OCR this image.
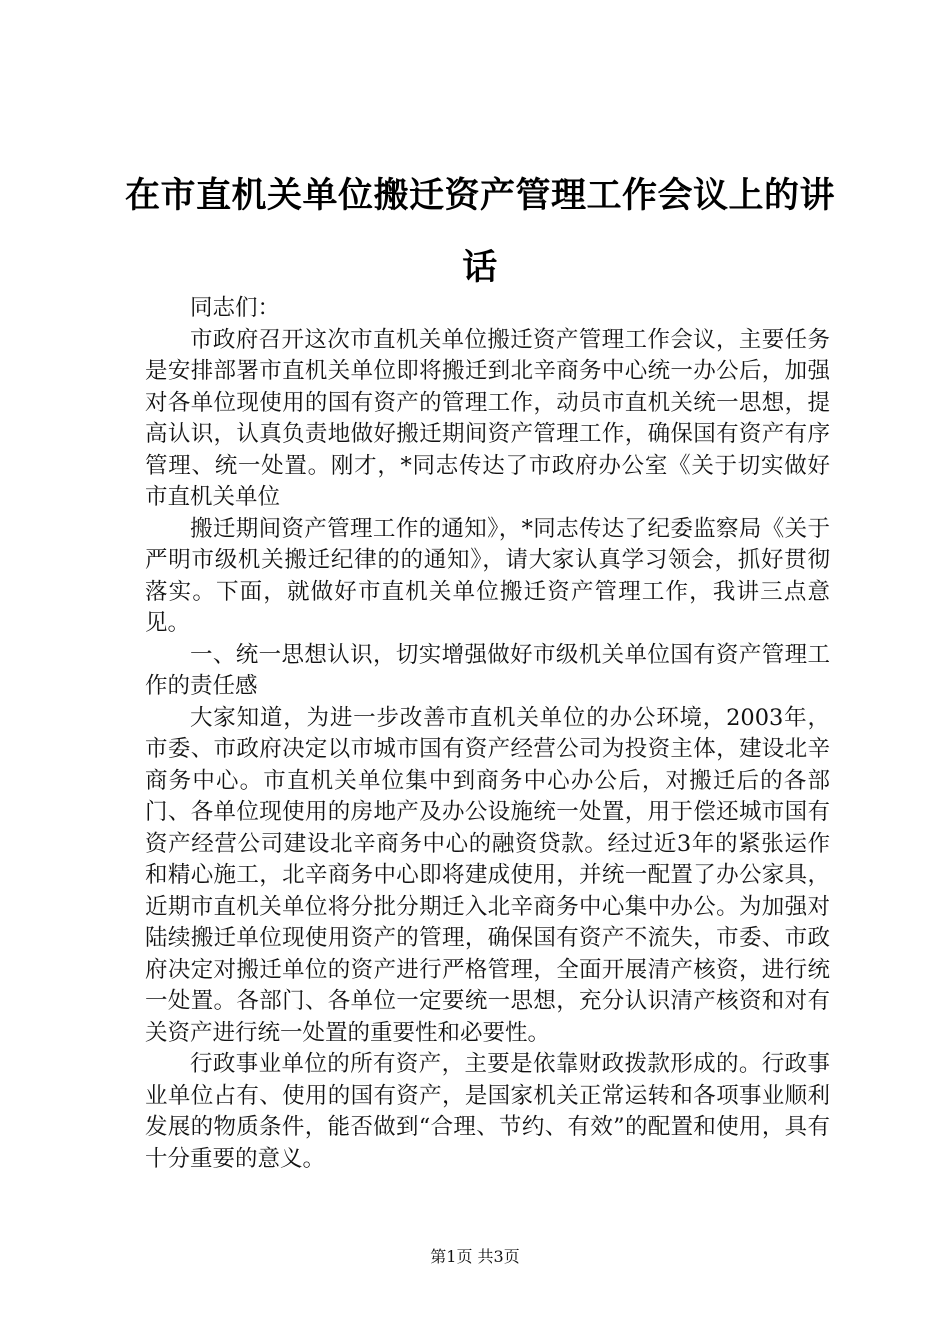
在市直机关单位搬迁资产管理工作会议上的讲话

同志们：

市政府召开这次市直机关单位搬迁资产管理工作会议，主要任务是安排部署市直机关单位即将搬迁到北辛商务中心统一办公后，加强对各单位现使用的国有资产的管理工作，动员市直机关统一思想，提高认识，认真负责地做好搬迁期间资产管理工作，确保国有资产有序管理、统一处置。刚才，*同志传达了市政府办公室《关于切实做好市直机关单位

搬迁期间资产管理工作的通知》，*同志传达了纪委监察局《关于严明市级机关搬迁纪律的的通知》，请大家认真学习领会，抓好贯彻落实。下面，就做好市直机关单位搬迁资产管理工作，我讲三点意见。

一、统一思想认识，切实增强做好市级机关单位国有资产管理工作的责任感

大家知道，为进一步改善市直机关单位的办公环境，2003年，市委、市政府决定以市城市国有资产经营公司为投资主体，建设北辛商务中心。市直机关单位集中到商务中心办公后，对搬迁后的各部门、各单位现使用的房地产及办公设施统一处置，用于偿还城市国有资产经营公司建设北辛商务中心的融资贷款。经过近3年的紧张运作和精心施工，北辛商务中心即将建成使用，并统一配置了办公家具，近期市直机关单位将分批分期迁入北辛商务中心集中办公。为加强对陆续搬迁单位现使用资产的管理，确保国有资产不流失，市委、市政府决定对搬迁单位的资产进行严格管理，全面开展清产核资，进行统一处置。各部门、各单位一定要统一思想，充分认识清产核资和对有关资产进行统一处置的重要性和必要性。

行政事业单位的所有资产，主要是依靠财政拨款形成的。行政事业单位占有、使用的国有资产，是国家机关正常运转和各项事业顺利发展的物质条件，能否做到“合理、节约、有效”的配置和使用，具有十分重要的意义。

第1页 共3页
